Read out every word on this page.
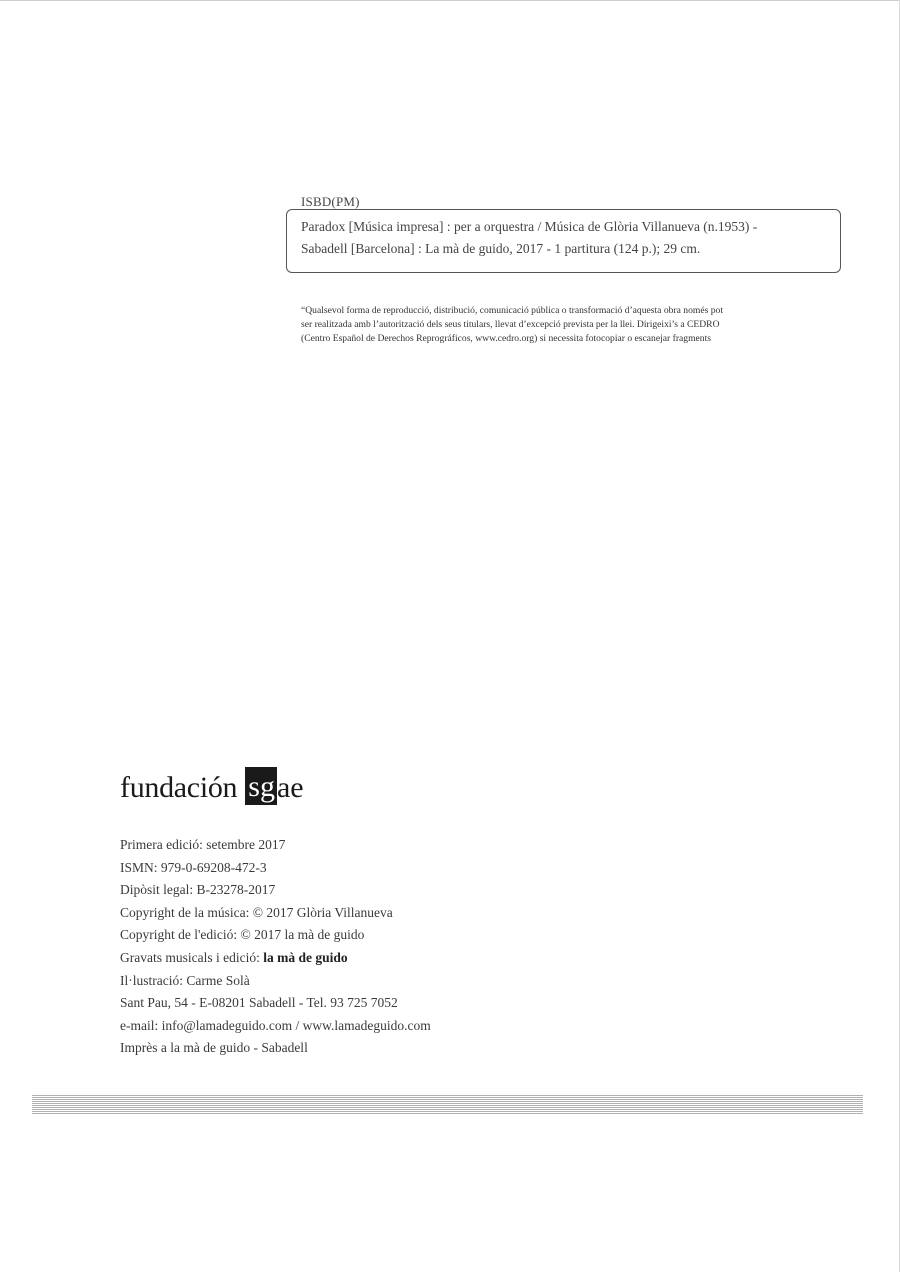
ISBD(PM)
Paradox [Música impresa] : per a orquestra / Música de Glòria Villanueva (n.1953) -
Sabadell [Barcelona] : La mà de guido, 2017 - 1 partitura (124 p.); 29 cm.
“Qualsevol forma de reproducció, distribució, comunicació pública o transformació d’aquesta obra només pot
ser realitzada amb l’autorització dels seus titulars, llevat d’excepció prevista per la llei. Dirigeixi’s a CEDRO
(Centro Español de Derechos Reprográficos, www.cedro.org) si necessita fotocopiar o escanejar fragments
fundación sg ae
Primera edició: setembre 2017
ISMN: 979-0-69208-472-3
Dipòsit legal: B-23278-2017
Copyright de la música: © 2017 Glòria Villanueva
Copyright de l'edició: © 2017 la mà de guido
Gravats musicals i edició: la mà de guido
Il·lustració: Carme Solà
Sant Pau, 54 - E-08201 Sabadell - Tel. 93 725 7052
e-mail: info@lamadeguido.com / www.lamadeguido.com
Imprès a la mà de guido - Sabadell
